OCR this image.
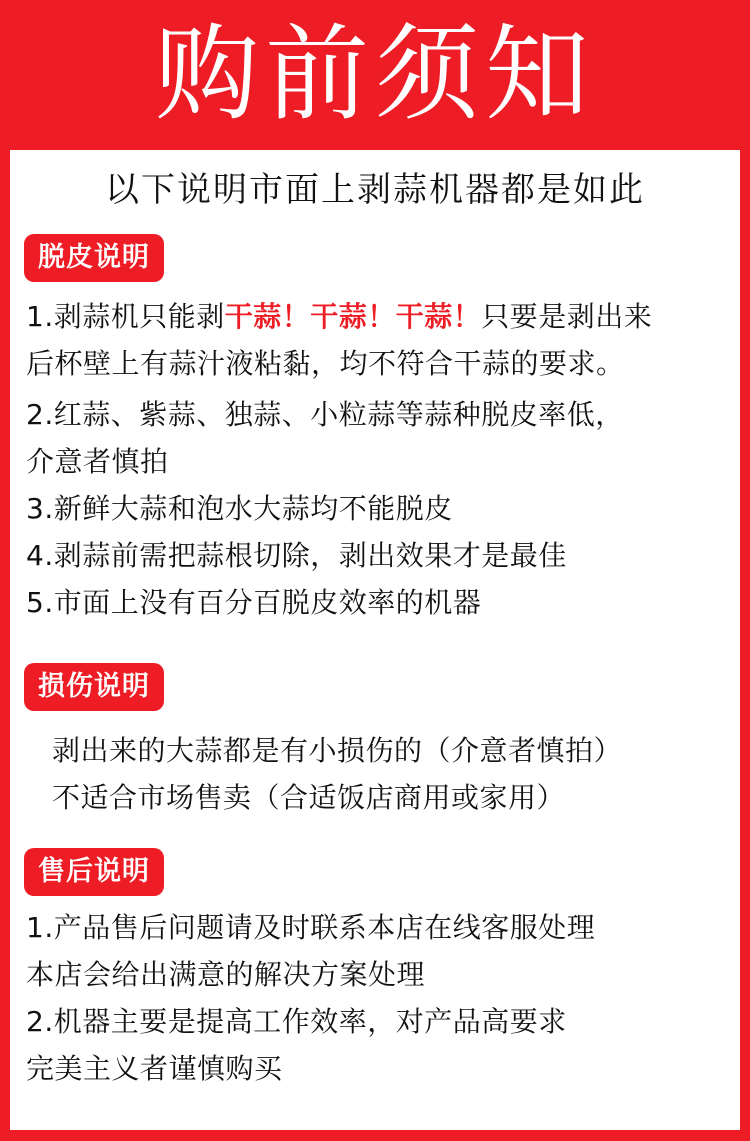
购前须知
以下说明市面上剥蒜机器都是如此
脱皮说明
1.剥蒜机只能剥干蒜！干蒜！干蒜！只要是剥出来
后杯壁上有蒜汁液粘黏，均不符合干蒜的要求。
2.红蒜、紫蒜、独蒜、小粒蒜等蒜种脱皮率低，
介意者慎拍
3.新鲜大蒜和泡水大蒜均不能脱皮
4.剥蒜前需把蒜根切除，剥出效果才是最佳
5.市面上没有百分百脱皮效率的机器
损伤说明
剥出来的大蒜都是有小损伤的（介意者慎拍）
不适合市场售卖（合适饭店商用或家用）
售后说明
1.产品售后问题请及时联系本店在线客服处理
本店会给出满意的解决方案处理
2.机器主要是提高工作效率，对产品高要求
完美主义者谨慎购买
